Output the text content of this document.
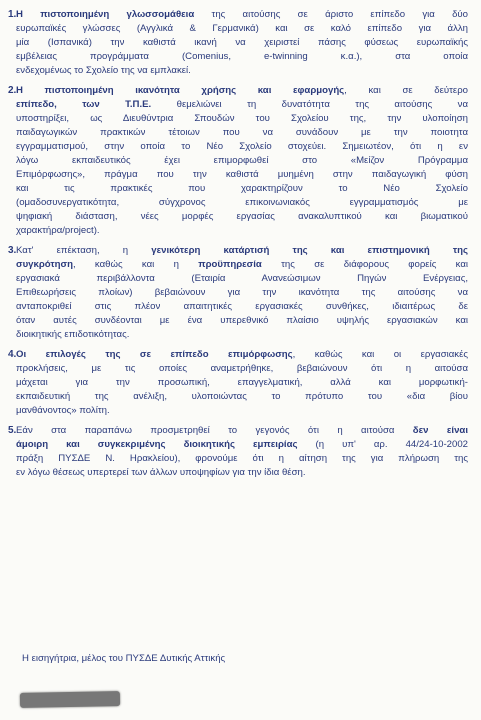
1. Η πιστοποιημένη γλωσσομάθεια της αιτούσης σε άριστο επίπεδο για δύο
ευρωπαϊκές γλώσσες (Αγγλικά & Γερμανικά) και σε καλό επίπεδο για άλλη
μία (Ισπανικά) την καθιστά ικανή να χειριστεί πάσης φύσεως ευρωπαϊκής
εμβέλειας προγράμματα (Comenius, e-twinning κ.α.), στα οποία
ενδεχομένως το Σχολείο της να εμπλακεί.
2. Η πιστοποιημένη ικανότητα χρήσης και εφαρμογής, και σε δεύτερο
επίπεδο, των Τ.Π.Ε. θεμελιώνει τη δυνατότητα της αιτούσης να
υποστηρίξει, ως Διευθύντρια Σπουδών του Σχολείου της, την υλοποίηση
παιδαγωγικών πρακτικών τέτοιων που να συνάδουν με την ποιοτητα
εγγραμματισμού, στην οποία το Νέο Σχολείο στοχεύει. Σημειωτέον, ότι η εν
λόγω εκπαιδευτικός έχει επιμορφωθεί στο «Μείζον Πρόγραμμα
Επιμόρφωσης», πράγμα που την καθιστά μυημένη στην παιδαγωγική φύση
και τις πρακτικές που χαρακτηρίζουν το Νέο Σχολείο
(ομαδοσυνεργατικότητα, σύγχρονος επικοινωνιακός εγγραμματισμός με
ψηφιακή διάσταση, νέες μορφές εργασίας ανακαλυπτικού και βιωματικού
χαρακτήρα/project).
3. Κατ' επέκταση, η γενικότερη κατάρτισή της και επιστημονική της
συγκρότηση, καθώς και η προϋπηρεσία της σε διάφορους φορείς και
εργασιακά περιβάλλοντα (Εταιρία Ανανεώσιμων Πηγών Ενέργειας,
Επιθεωρήσεις πλοίων) βεβαιώνουν για την ικανότητα της αιτούσης να
ανταποκριθεί στις πλέον απαιτητικές εργασιακές συνθήκες, ιδιαιτέρως δε
όταν αυτές συνδέονται με ένα υπερεθνικό πλαίσιο υψηλής εργασιακών και
διοικητικής επιδοτικότητας.
4. Οι επιλογές της σε επίπεδο επιμόρφωσης, καθώς και οι εργασιακές
προκλήσεις, με τις οποίες αναμετρήθηκε, βεβαιώνουν ότι η αιτούσα
μάχεται για την προσωπική, επαγγελματική, αλλά και μορφωτική-
εκπαιδευτική της ανέλιξη, υλοποιώντας το πρότυπο του «δια βίου
μανθάνοντος» πολίτη.
5. Εάν στα παραπάνω προσμετρηθεί το γεγονός ότι η αιτούσα δεν είναι
άμοιρη και συγκεκριμένης διοικητικής εμπειρίας (η υπ' αρ. 44/24-10-2002
πράξη ΠΥΣΔΕ Ν. Ηρακλείου), φρονούμε ότι η αίτηση της για πλήρωση της
εν λόγω θέσεως υπερτερεί των άλλων υποψηφίων για την ίδια θέση.
Η εισηγήτρια, μέλος του ΠΥΣΔΕ Δυτικής Αττικής
